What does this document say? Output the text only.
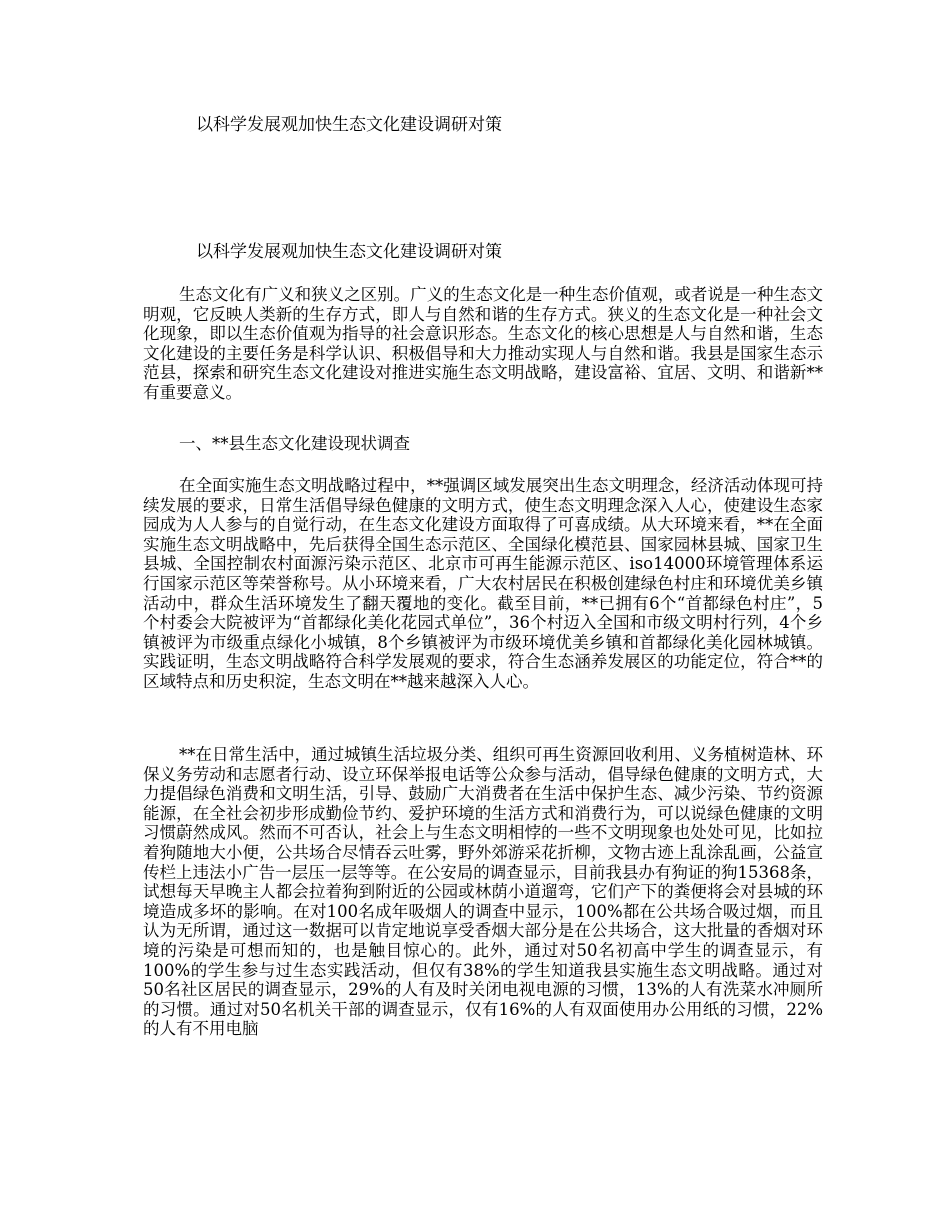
以科学发展观加快生态文化建设调研对策
以科学发展观加快生态文化建设调研对策

生态文化有广义和狭义之区别。广义的生态文化是一种生态价值观，或者说是一种生态文明观，它反映人类新的生存方式，即人与自然和谐的生存方式。狭义的生态文化是一种社会文化现象，即以生态价值观为指导的社会意识形态。生态文化的核心思想是人与自然和谐，生态文化建设的主要任务是科学认识、积极倡导和大力推动实现人与自然和谐。我县是国家生态示范县，探索和研究生态文化建设对推进实施生态文明战略，建设富裕、宜居、文明、和谐新**有重要意义。

一、**县生态文化建设现状调查

在全面实施生态文明战略过程中，**强调区域发展突出生态文明理念，经济活动体现可持续发展的要求，日常生活倡导绿色健康的文明方式，使生态文明理念深入人心，使建设生态家园成为人人参与的自觉行动，在生态文化建设方面取得了可喜成绩。从大环境来看，**在全面实施生态文明战略中，先后获得全国生态示范区、全国绿化模范县、国家园林县城、国家卫生县城、全国控制农村面源污染示范区、北京市可再生能源示范区、iso14000环境管理体系运行国家示范区等荣誉称号。从小环境来看，广大农村居民在积极创建绿色村庄和环境优美乡镇活动中，群众生活环境发生了翻天覆地的变化。截至目前，**已拥有6个“首都绿色村庄”，5个村委会大院被评为“首都绿化美化花园式单位”，36个村迈入全国和市级文明村行列，4个乡镇被评为市级重点绿化小城镇，8个乡镇被评为市级环境优美乡镇和首都绿化美化园林城镇。实践证明，生态文明战略符合科学发展观的要求，符合生态涵养发展区的功能定位，符合**的区域特点和历史积淀，生态文明在**越来越深入人心。

**在日常生活中，通过城镇生活垃圾分类、组织可再生资源回收利用、义务植树造林、环保义务劳动和志愿者行动、设立环保举报电话等公众参与活动，倡导绿色健康的文明方式，大力提倡绿色消费和文明生活，引导、鼓励广大消费者在生活中保护生态、减少污染、节约资源能源，在全社会初步形成勤俭节约、爱护环境的生活方式和消费行为，可以说绿色健康的文明习惯蔚然成风。然而不可否认，社会上与生态文明相悖的一些不文明现象也处处可见，比如拉着狗随地大小便，公共场合尽情吞云吐雾，野外郊游采花折柳，文物古迹上乱涂乱画，公益宣传栏上违法小广告一层压一层等等。在公安局的调查显示，目前我县办有狗证的狗15368条，试想每天早晚主人都会拉着狗到附近的公园或林荫小道遛弯，它们产下的粪便将会对县城的环境造成多坏的影响。在对100名成年吸烟人的调查中显示，100%都在公共场合吸过烟，而且认为无所谓，通过这一数据可以肯定地说享受香烟大部分是在公共场合，这大批量的香烟对环境的污染是可想而知的，也是触目惊心的。此外，通过对50名初高中学生的调查显示，有100%的学生参与过生态实践活动，但仅有38%的学生知道我县实施生态文明战略。通过对50名社区居民的调查显示，29%的人有及时关闭电视电源的习惯，13%的人有洗菜水冲厕所的习惯。通过对50名机关干部的调查显示，仅有16%的人有双面使用办公用纸的习惯，22%的人有不用电脑
